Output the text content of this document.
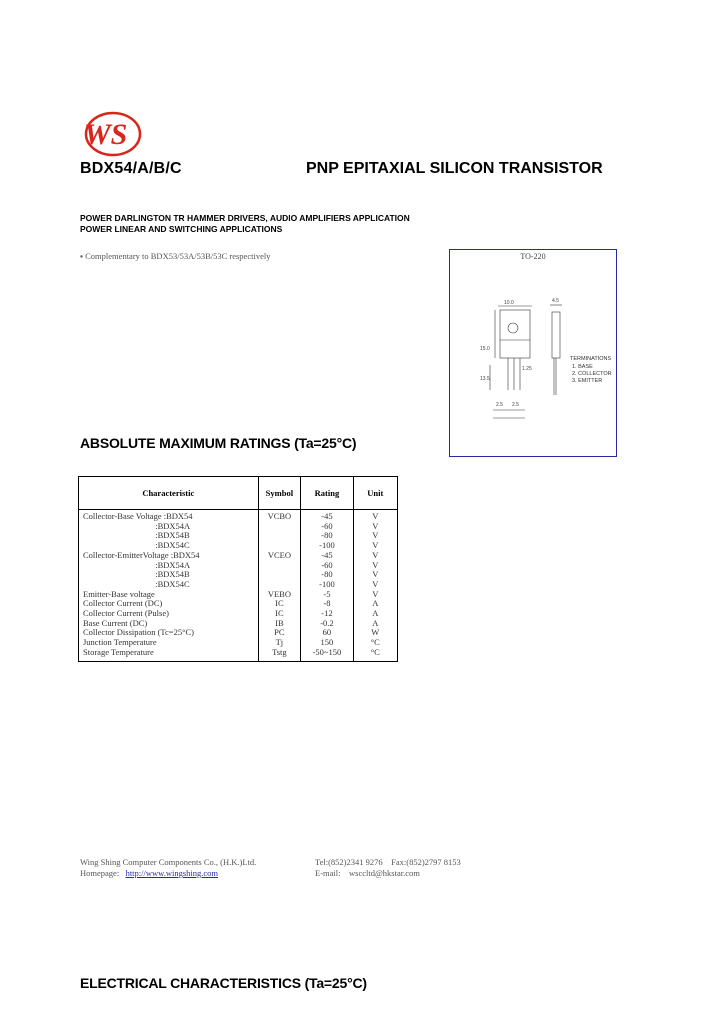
WS
BDX54/A/B/C	PNP EPITAXIAL SILICON TRANSISTOR
POWER DARLINGTON TR HAMMER DRIVERS, AUDIO AMPLIFIERS APPLICATION
POWER LINEAR AND SWITCHING APPLICATIONS
▪ Complementary to BDX53/53A/53B/53C respectively	TO-220
10.0	4.5
15.0
1.25
2.5 2.5
13.5
TERMINATIONS
1. BASE
2. COLLECTOR
3. EMITTER
ABSOLUTE MAXIMUM RATINGS (Ta=25°C)
Characteristic	Symbol	Rating	Unit
Collector-Base Voltage :BDX54	VCBO	-45	V
:BDX54A		-60	V
:BDX54B		-80	V
:BDX54C		-100	V
Collector-EmitterVoltage :BDX54	VCEO	-45	V
:BDX54A		-60	V
:BDX54B		-80	V
:BDX54C		-100	V
Emitter-Base voltage	VEBO	-5	V
Collector Current (DC)	IC	-8	A
Collector Current (Pulse)	IC	-12	A
Base Current (DC)	IB	-0.2	A
Collector Dissipation (Tc=25°C)	PC	60	W
Junction Temperature	Tj	150	°C
Storage Temperature	Tstg	-50~150	°C
Wing Shing Computer Components Co., (H.K.)Ltd.
Homepage: http://www.wingshing.com
Tel:(852)2341 9276 Fax:(852)2797 8153
E-mail: wsccltd@hkstar.com
ELECTRICAL CHARACTERISTICS (Ta=25°C)
